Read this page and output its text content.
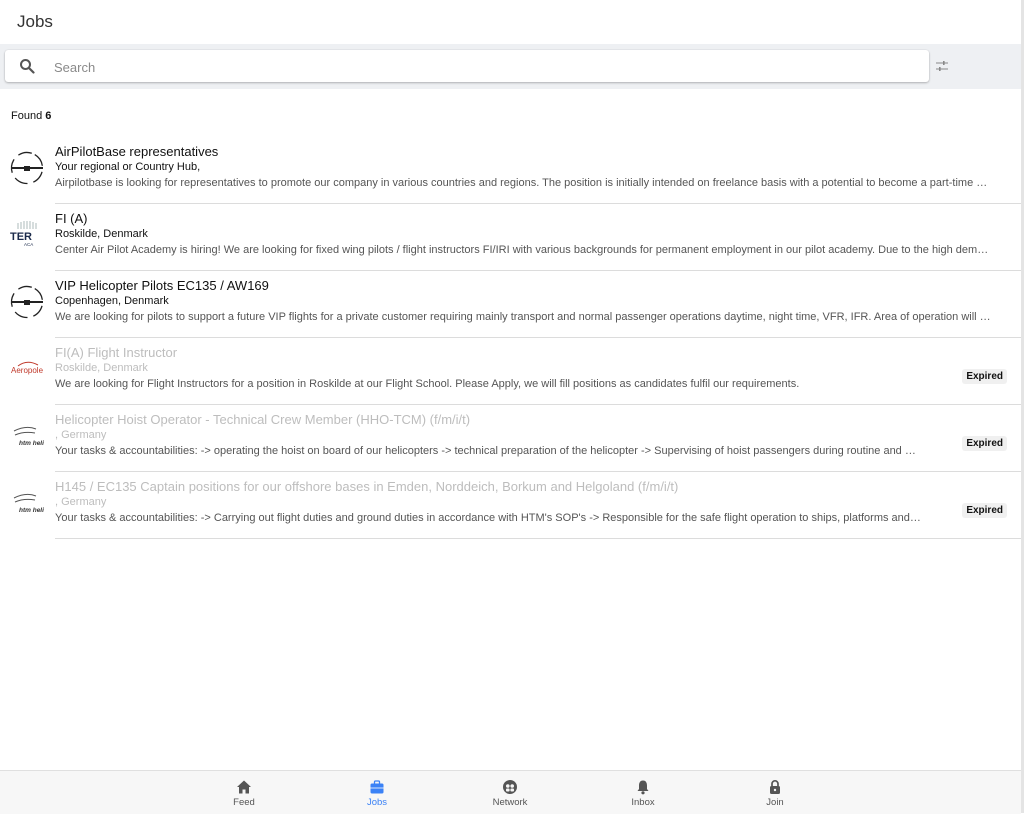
Jobs
Search
Found 6
AirPilotBase representatives
Your regional or Country Hub,
Airpilotbase is looking for representatives to promote our company in various countries and regions. The position is initially intended on freelance basis with a potential to become a part-time …
TER
ACA
FI (A)
Roskilde, Denmark
Center Air Pilot Academy is hiring! We are looking for fixed wing pilots / flight instructors FI/IRI with various backgrounds for permanent employment in our pilot academy. Due to the high dem…
VIP Helicopter Pilots EC135 / AW169
Copenhagen, Denmark
We are looking for pilots to support a future VIP flights for a private customer requiring mainly transport and normal passenger operations daytime, night time, VFR, IFR. Area of operation will …
Aeropole
FI(A) Flight Instructor
Roskilde, Denmark
We are looking for Flight Instructors for a position in Roskilde at our Flight School. Please Apply, we will fill positions as candidates fulfil our requirements.
Expired
htm heli
Helicopter Hoist Operator - Technical Crew Member (HHO-TCM) (f/m/i/t)
, Germany
Your tasks & accountabilities: -> operating the hoist on board of our helicopters -> technical preparation of the helicopter -> Supervising of hoist passengers during routine and …
Expired
htm heli
H145 / EC135 Captain positions for our offshore bases in Emden, Norddeich, Borkum and Helgoland (f/m/i/t)
, Germany
Your tasks & accountabilities: -> Carrying out flight duties and ground duties in accordance with HTM's SOP's -> Responsible for the safe flight operation to ships, platforms and…
Expired
Feed	Jobs	Network	Inbox	Join
